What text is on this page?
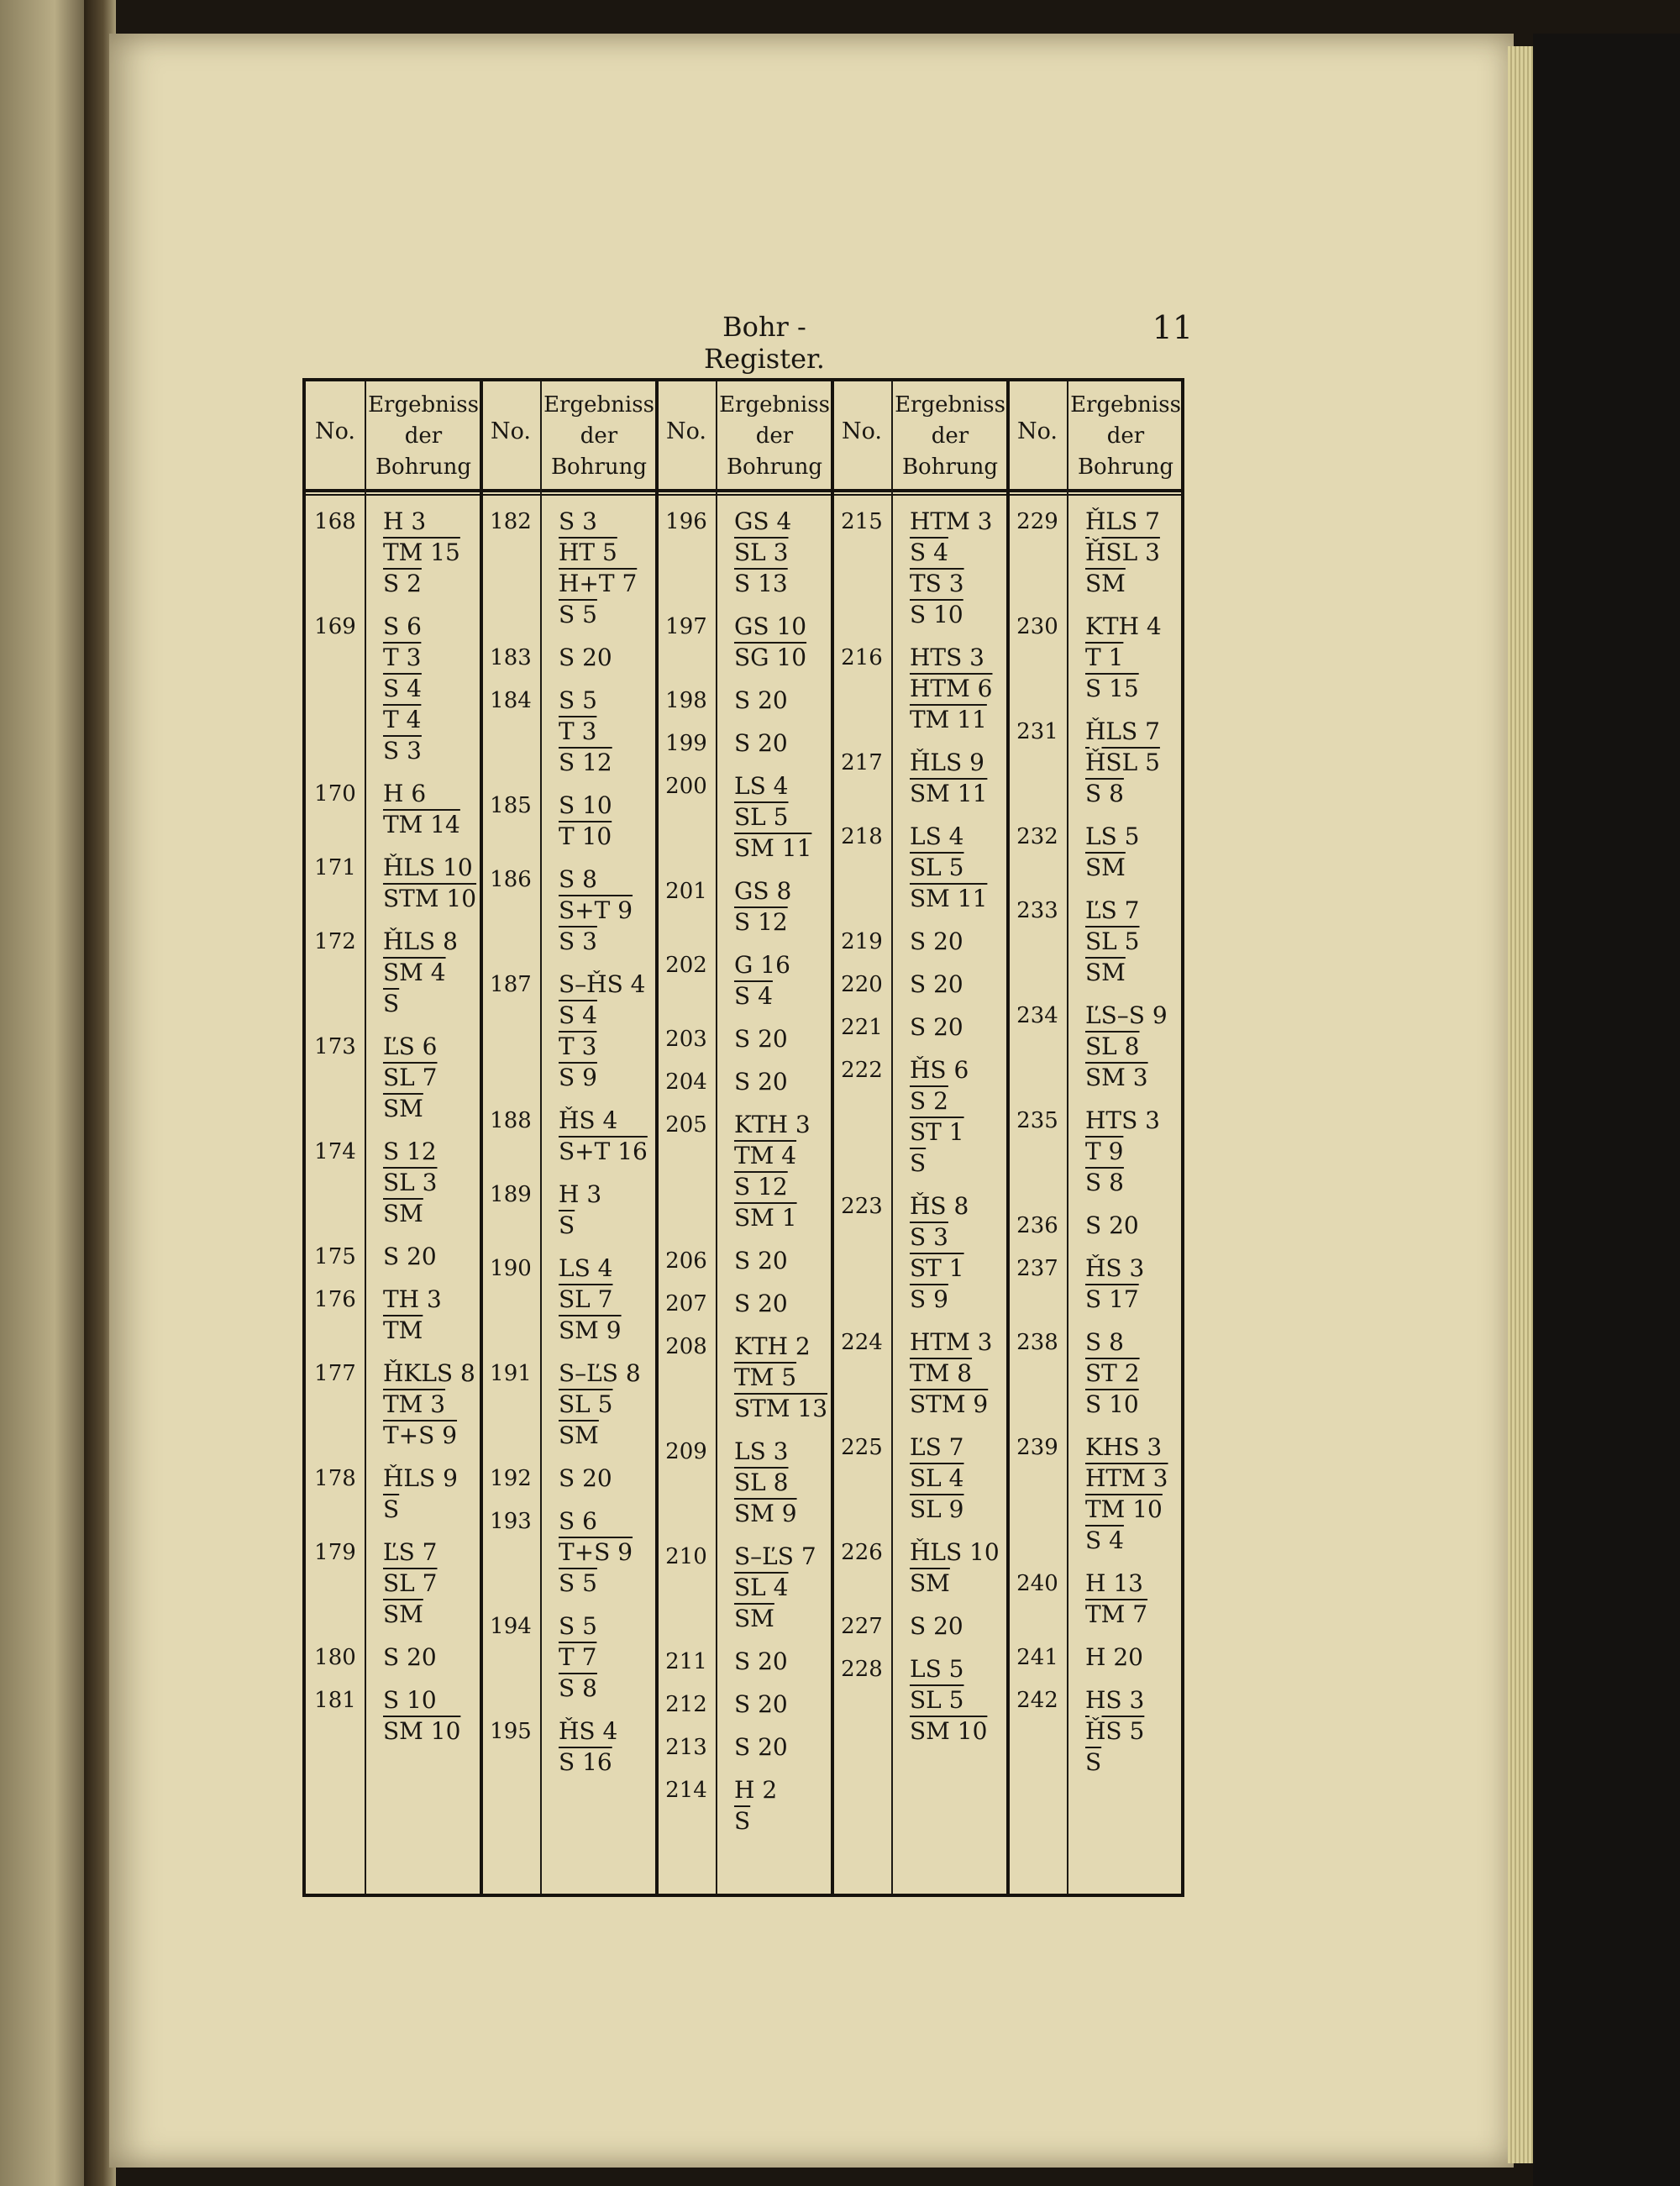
Bohr - Register.
11
No.
Ergebniss
der
Bohrung
168	H 3
TM 15
S 2
169	S 6
T 3
S 4
T 4
S 3
170	H 6
TM 14
171	ȞLS 10
STM 10
172	ȞLS 8
SM 4
$\overline{S}$
173	ĽS 6
SL 7
$\overline{SM}$
174	S 12
SL 3
$\overline{SM}$
175	S 20
176	TH 3
$\overline{TM}$
177	ȞKLS 8
TM 3
T+S 9
178	ȞLS 9
$\overline{S}$
179	ĽS 7
SL 7
$\overline{SM}$
180	S 20
181	S 10
SM 10
No.
Ergebniss
der
Bohrung
182	S 3
HT 5
H+T 7
S 5
183	S 20
184	S 5
T 3
S 12
185	S 10
T 10
186	S 8
S+T 9
S 3
187	S–ȞS 4
S 4
T 3
S 9
188	ȞS 4
S+T 16
189	H 3
$\overline{S}$
190	LS 4
SL 7
SM 9
191	S–ĽS 8
SL 5
$\overline{SM}$
192	S 20
193	S 6
T+S 9
S 5
194	S 5
T 7
S 8
195	ȞS 4
S 16
No.
Ergebniss
der
Bohrung
196	GS 4
SL 3
S 13
197	GS 10
SG 10
198	S 20
199	S 20
200	LS 4
SL 5
SM 11
201	GS 8
S 12
202	G 16
S 4
203	S 20
204	S 20
205	KTH 3
TM 4
S 12
SM 1
206	S 20
207	S 20
208	KTH 2
TM 5
STM 13
209	LS 3
SL 8
SM 9
210	S–ĽS 7
SL 4
$\overline{SM}$
211	S 20
212	S 20
213	S 20
214	H 2
$\overline{S}$
No.
Ergebniss
der
Bohrung
215	HTM 3
S 4
TS 3
S 10
216	HTS 3
HTM 6
TM 11
217	ȞLS 9
SM 11
218	LS 4
SL 5
SM 11
219	S 20
220	S 20
221	S 20
222	ȞS 6
S 2
ST 1
$\overline{S}$
223	ȞS 8
S 3
ST 1
S 9
224	HTM 3
TM 8
STM 9
225	ĽS 7
SL 4
SL 9
226	ȞLS 10
$\overline{SM}$
227	S 20
228	LS 5
SL 5
SM 10
No.
Ergebniss
der
Bohrung
229	ȞLS 7
ȞSL 3
$\overline{SM}$
230	KTH 4
T 1
S 15
231	ȞLS 7
ȞSL 5
S 8
232	LS 5
$\overline{SM}$
233	ĽS 7
SL 5
$\overline{SM}$
234	ĽS–S 9
SL 8
SM 3
235	HTS 3
T 9
S 8
236	S 20
237	ȞS 3
S 17
238	S 8
ST 2
S 10
239	KHS 3
HTM 3
TM 10
S 4
240	H 13
TM 7
241	H 20
242	HS 3
ȞS 5
$\overline{S}$
